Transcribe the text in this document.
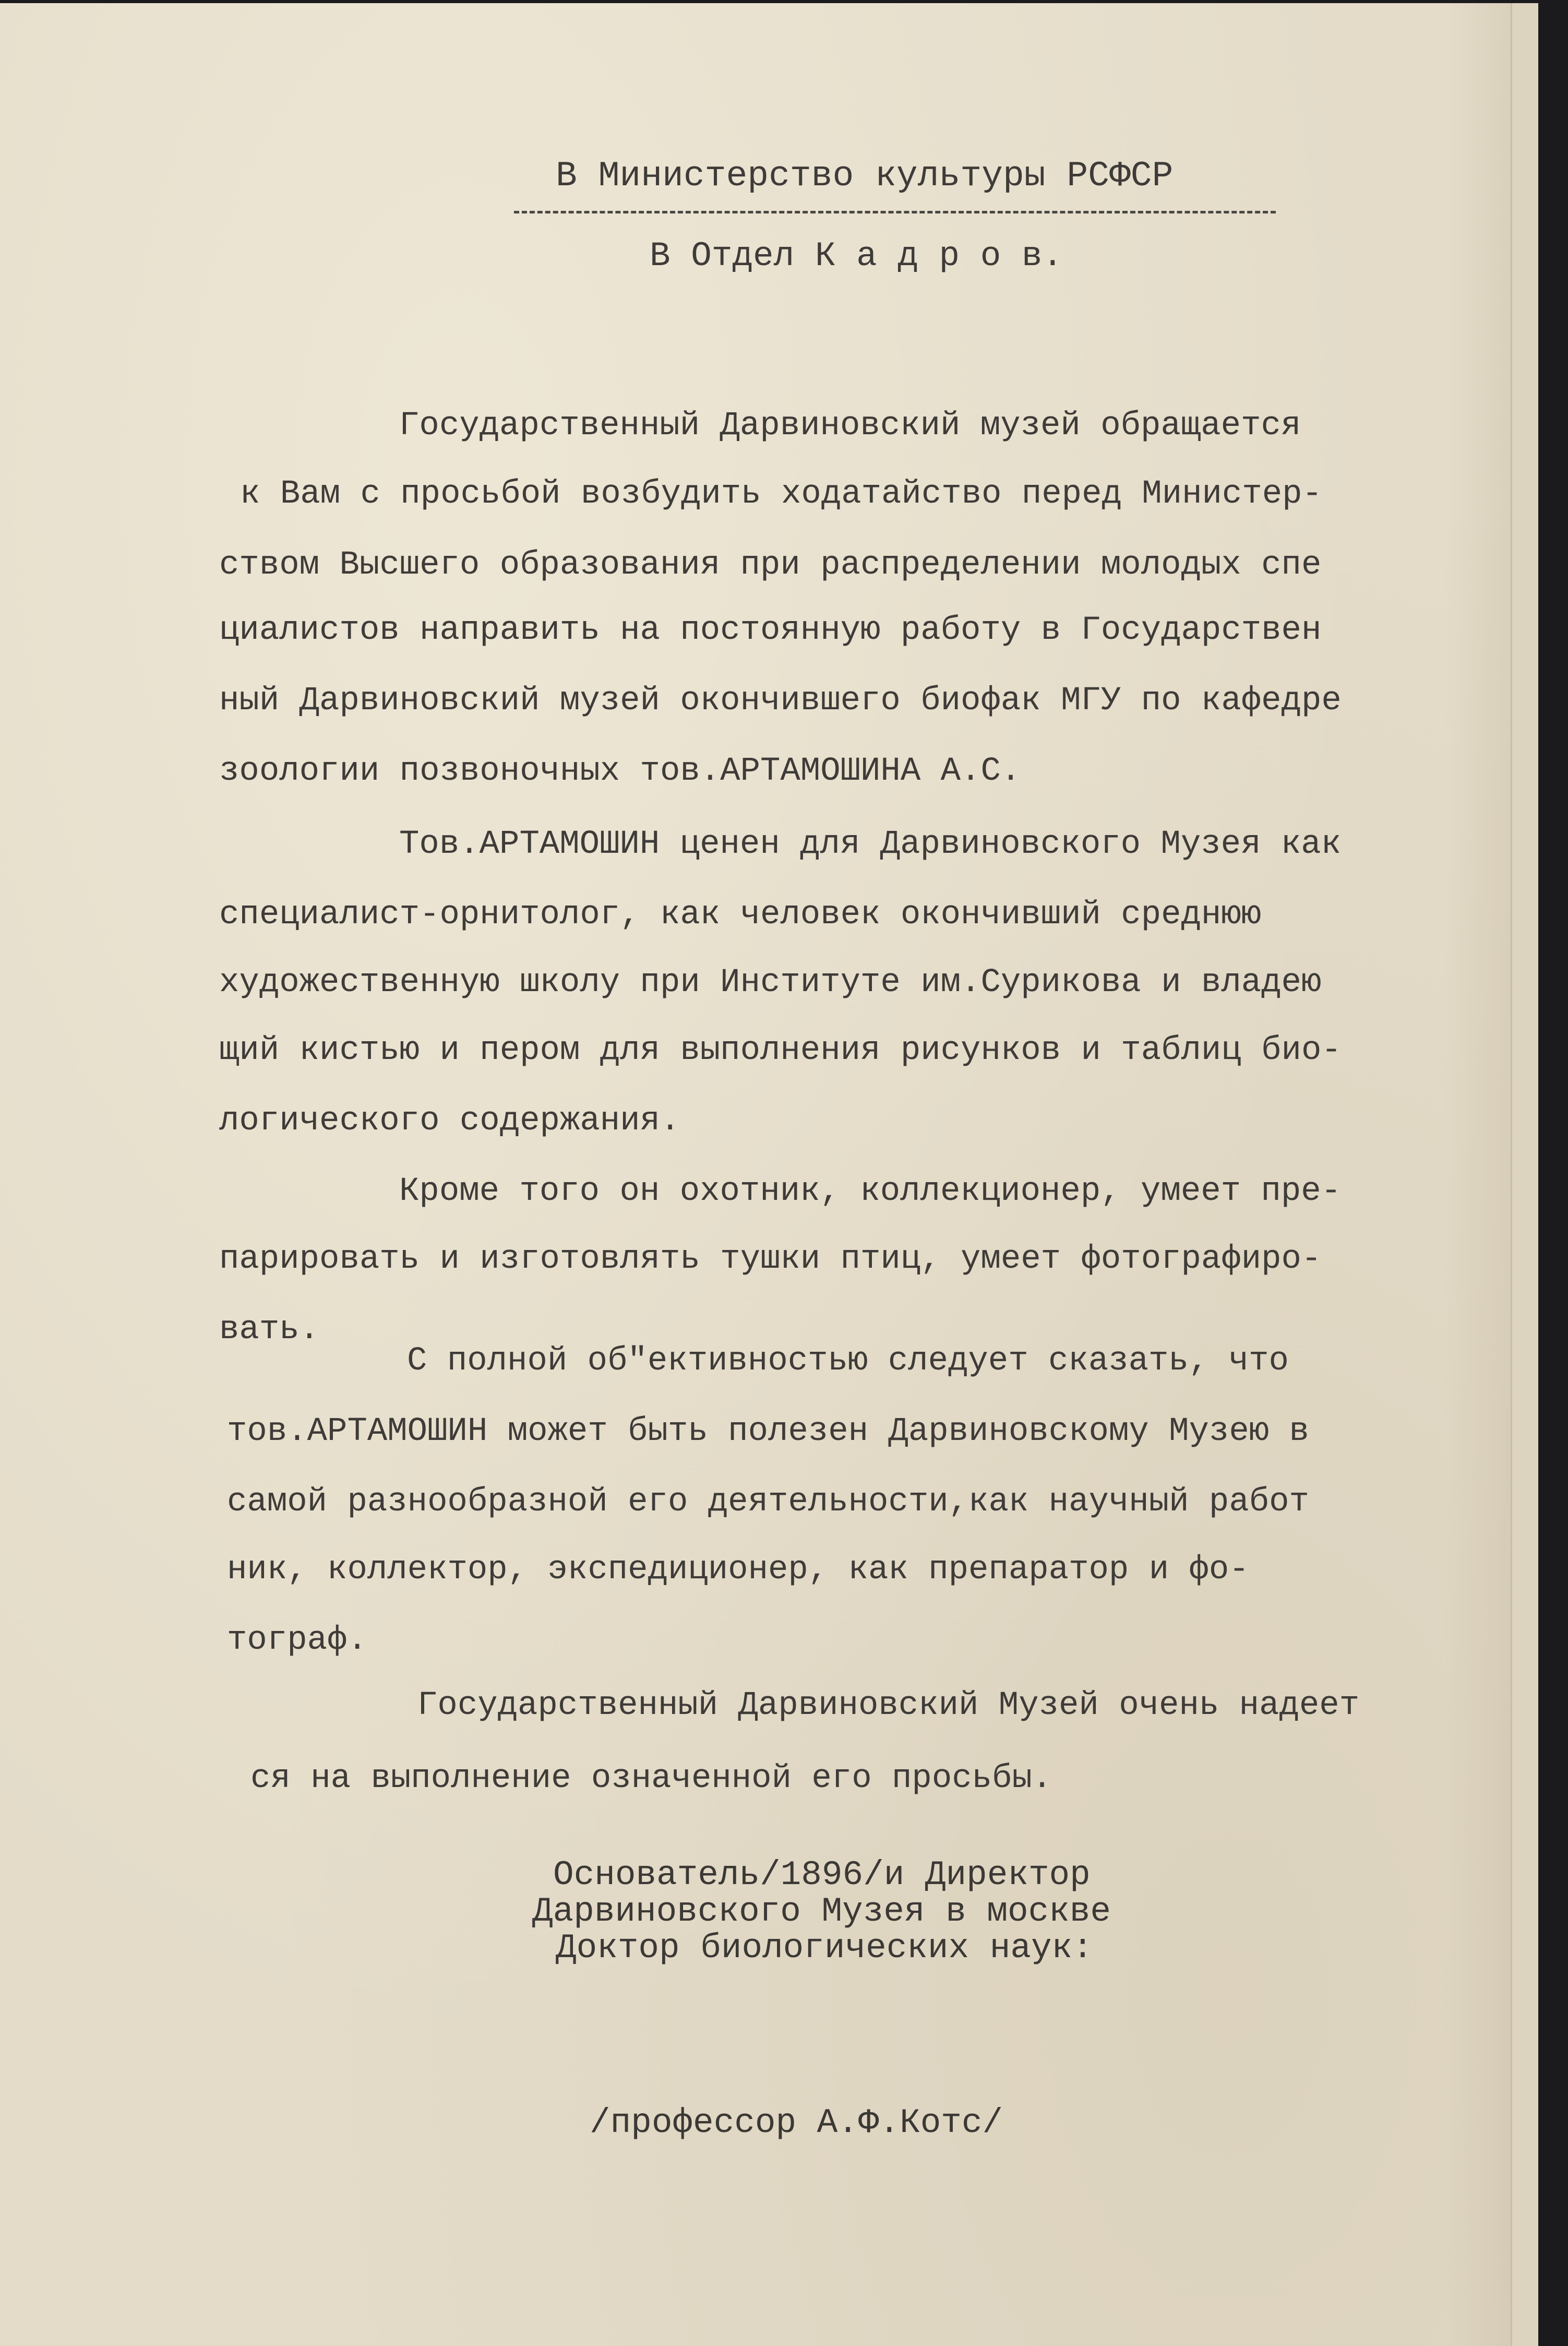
В Министерство культуры РСФСР
В Отдел К а д р о в.
Государственный Дарвиновский музей обращается
к Вам с просьбой возбудить ходатайство перед Министер-
ством Высшего образования при распределении молодых спе
циалистов направить на постоянную работу в Государствен
ный Дарвиновский музей окончившего биофак МГУ по кафедре
зоологии позвоночных тов.АРТАМОШИНА А.С.
Тов.АРТАМОШИН ценен для Дарвиновского Музея как
специалист-орнитолог, как человек окончивший среднюю
художественную школу при Институте им.Сурикова и владею
щий кистью и пером для выполнения рисунков и таблиц био-
логического содержания.
Кроме того он охотник, коллекционер, умеет пре-
парировать и изготовлять тушки птиц, умеет фотографиро-
вать.
С полной об"ективностью следует сказать, что
тов.АРТАМОШИН может быть полезен Дарвиновскому Музею в
самой разнообразной его деятельности,как научный работ
ник, коллектор, экспедиционер, как препаратор и фо-
тограф.
Государственный Дарвиновский Музей очень надеет
ся на выполнение означенной его просьбы.
Основатель/1896/и Директор
Дарвиновского Музея в москве
Доктор биологических наук:
/профессор А.Ф.Котс/
